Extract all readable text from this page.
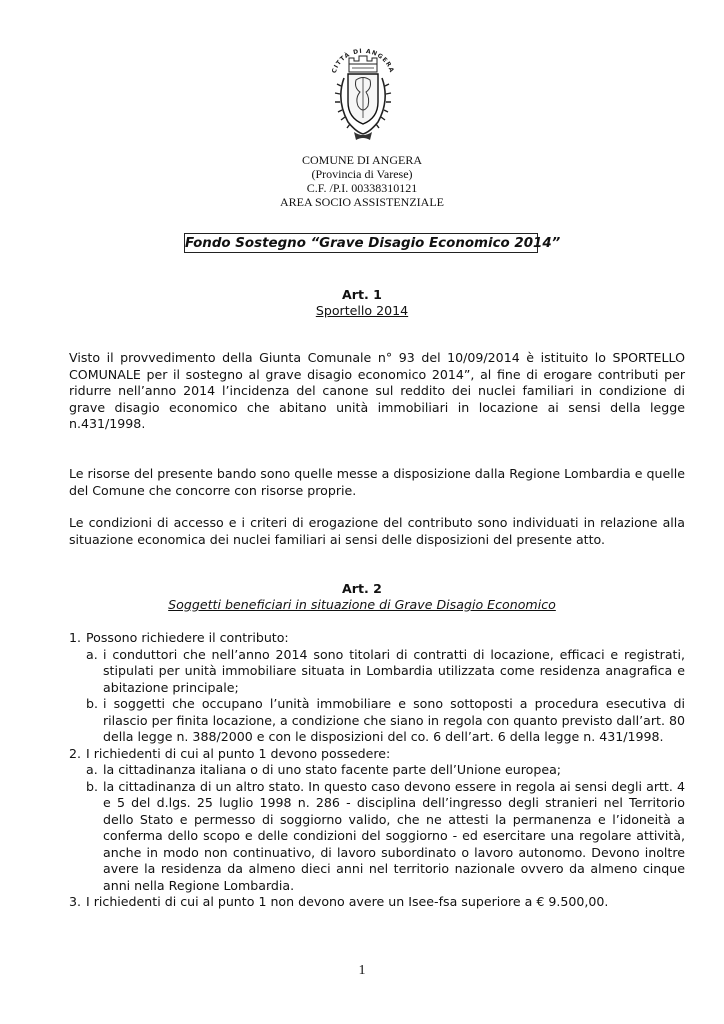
CITTÀ DI ANGERA
COMUNE DI ANGERA
(Provincia di Varese)
C.F. /P.I. 00338310121
AREA SOCIO ASSISTENZIALE
Fondo Sostegno “Grave Disagio Economico 2014”
Art. 1
Sportello 2014

Visto il provvedimento della Giunta Comunale n° 93 del 10/09/2014 è istituito lo SPORTELLO COMUNALE per il sostegno al grave disagio economico 2014”, al fine di erogare contributi per ridurre nell’anno 2014 l’incidenza del canone sul reddito dei nuclei familiari in condizione di grave disagio economico che abitano unità immobiliari in locazione ai sensi della legge n.431/1998.

Le risorse del presente bando sono quelle messe a disposizione dalla Regione Lombardia e quelle del Comune che concorre con risorse proprie.

Le condizioni di accesso e i criteri di erogazione del contributo sono individuati in relazione alla situazione economica dei nuclei familiari ai sensi delle disposizioni del presente atto.

Art. 2
Soggetti beneficiari in situazione di Grave Disagio Economico
1. Possono richiedere il contributo:
a. i conduttori che nell’anno 2014 sono titolari di contratti di locazione, efficaci e registrati, stipulati per unità immobiliare situata in Lombardia utilizzata come residenza anagrafica e abitazione principale;
b. i soggetti che occupano l’unità immobiliare e sono sottoposti a procedura esecutiva di rilascio per finita locazione, a condizione che siano in regola con quanto previsto dall’art. 80 della legge n. 388/2000 e con le disposizioni del co. 6 dell’art. 6 della legge n. 431/1998.
2. I richiedenti di cui al punto 1 devono possedere:
a. la cittadinanza italiana o di uno stato facente parte dell’Unione europea;
b. la cittadinanza di un altro stato. In questo caso devono essere in regola ai sensi degli artt. 4 e 5 del d.lgs. 25 luglio 1998 n. 286 - disciplina dell’ingresso degli stranieri nel Territorio dello Stato e permesso di soggiorno valido, che ne attesti la permanenza e l’idoneità a conferma dello scopo e delle condizioni del soggiorno - ed esercitare una regolare attività, anche in modo non continuativo, di lavoro subordinato o lavoro autonomo. Devono inoltre avere la residenza da almeno dieci anni nel territorio nazionale ovvero da almeno cinque anni nella Regione Lombardia.
3. I richiedenti di cui al punto 1 non devono avere un Isee-fsa superiore a € 9.500,00.
1
